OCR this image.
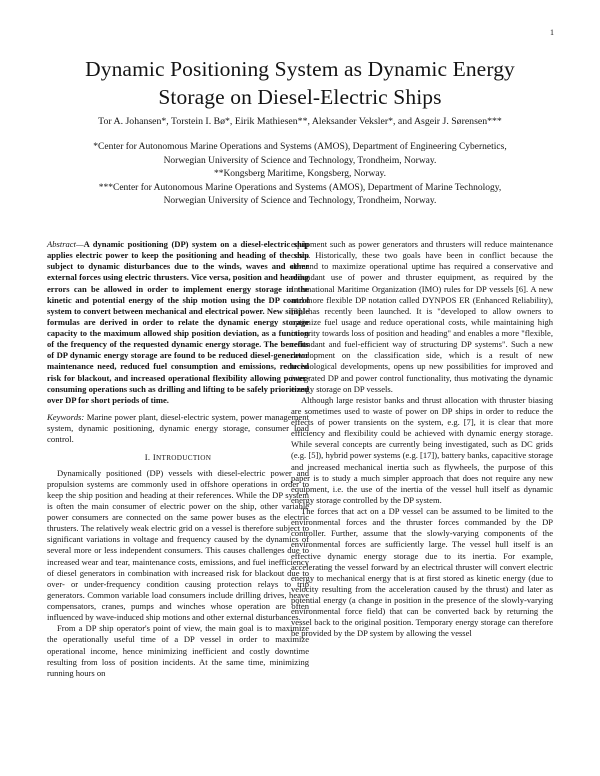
1
Dynamic Positioning System as Dynamic Energy
Storage on Diesel-Electric Ships
Tor A. Johansen*, Torstein I. Bø*, Eirik Mathiesen**, Aleksander Veksler*, and Asgeir J. Sørensen***
*Center for Autonomous Marine Operations and Systems (AMOS), Department of Engineering Cybernetics,
Norwegian University of Science and Technology, Trondheim, Norway.
**Kongsberg Maritime, Kongsberg, Norway.
***Center for Autonomous Marine Operations and Systems (AMOS), Department of Marine Technology,
Norwegian University of Science and Technology, Trondheim, Norway.
Abstract—A dynamic positioning (DP) system on a diesel-electric ship applies electric power to keep the positioning and heading of the ship subject to dynamic disturbances due to the winds, waves and other external forces using electric thrusters. Vice versa, position and heading errors can be allowed in order to implement energy storage in the kinetic and potential energy of the ship motion using the DP control system to convert between mechanical and electrical power. New simple formulas are derived in order to relate the dynamic energy storage capacity to the maximum allowed ship position deviation, as a function of the frequency of the requested dynamic energy storage. The benefits of DP dynamic energy storage are found to be reduced diesel-generator maintenance need, reduced fuel consumption and emissions, reduced risk for blackout, and increased operational flexibility allowing power-consuming operations such as drilling and lifting to be safely prioritized over DP for short periods of time.
Keywords: Marine power plant, diesel-electric system, power management system, dynamic positioning, dynamic energy storage, consumer load control.
I. INTRODUCTION

Dynamically positioned (DP) vessels with diesel-electric power and propulsion systems are commonly used in offshore operations in order to keep the ship position and heading at their references. While the DP system is often the main consumer of electric power on the ship, other variable power consumers are connected on the same power buses as the electric thrusters. The relatively weak electric grid on a vessel is therefore subject to significant variations in voltage and frequency caused by the dynamics of several more or less independent consumers. This causes challenges due to increased wear and tear, maintenance costs, emissions, and fuel inefficiency of diesel generators in combination with increased risk for blackout due to over- or under-frequency condition causing protection relays to trip generators. Common variable load consumers include drilling drives, heave compensators, cranes, pumps and winches whose operation are often influenced by wave-induced ship motions and other external disturbances.

From a DP ship operator's point of view, the main goal is to maximize the operationally useful time of a DP vessel in order to maximize operational income, hence minimizing inefficient and costly downtime resulting from loss of position incidents. At the same time, minimizing running hours on

equipment such as power generators and thrusters will reduce maintenance costs. Historically, these two goals have been in conflict because the demand to maximize operational uptime has required a conservative and redundant use of power and thruster equipment, as required by the International Maritime Organization (IMO) rules for DP vessels [6]. A new and more flexible DP notation called DYNPOS ER (Enhanced Reliability), [3], has recently been launched. It is "developed to allow owners to optimize fuel usage and reduce operational costs, while maintaining high integrity towards loss of position and heading" and enables a more "flexible, redundant and fuel-efficient way of structuring DP systems". Such a new development on the classification side, which is a result of new technological developments, opens up new possibilities for improved and integrated DP and power control functionality, thus motivating the dynamic energy storage on DP vessels.

Although large resistor banks and thrust allocation with thruster biasing are sometimes used to waste of power on DP ships in order to reduce the effects of power transients on the system, e.g. [7], it is clear that more efficiency and flexibility could be achieved with dynamic energy storage. While several concepts are currently being investigated, such as DC grids (e.g. [5]), hybrid power systems (e.g. [17]), battery banks, capacitive storage and increased mechanical inertia such as flywheels, the purpose of this paper is to study a much simpler approach that does not require any new equipment, i.e. the use of the inertia of the vessel hull itself as dynamic energy storage controlled by the DP system.

The forces that act on a DP vessel can be assumed to be limited to the environmental forces and the thruster forces commanded by the DP controller. Further, assume that the slowly-varying components of the environmental forces are sufficiently large. The vessel hull itself is an effective dynamic energy storage due to its inertia. For example, accelerating the vessel forward by an electrical thruster will convert electric energy to mechanical energy that is at first stored as kinetic energy (due to velocity resulting from the acceleration caused by the thrust) and later as potential energy (a change in position in the presence of the slowly-varying environmental force field) that can be converted back by returning the vessel back to the original position. Temporary energy storage can therefore be provided by the DP system by allowing the vessel
